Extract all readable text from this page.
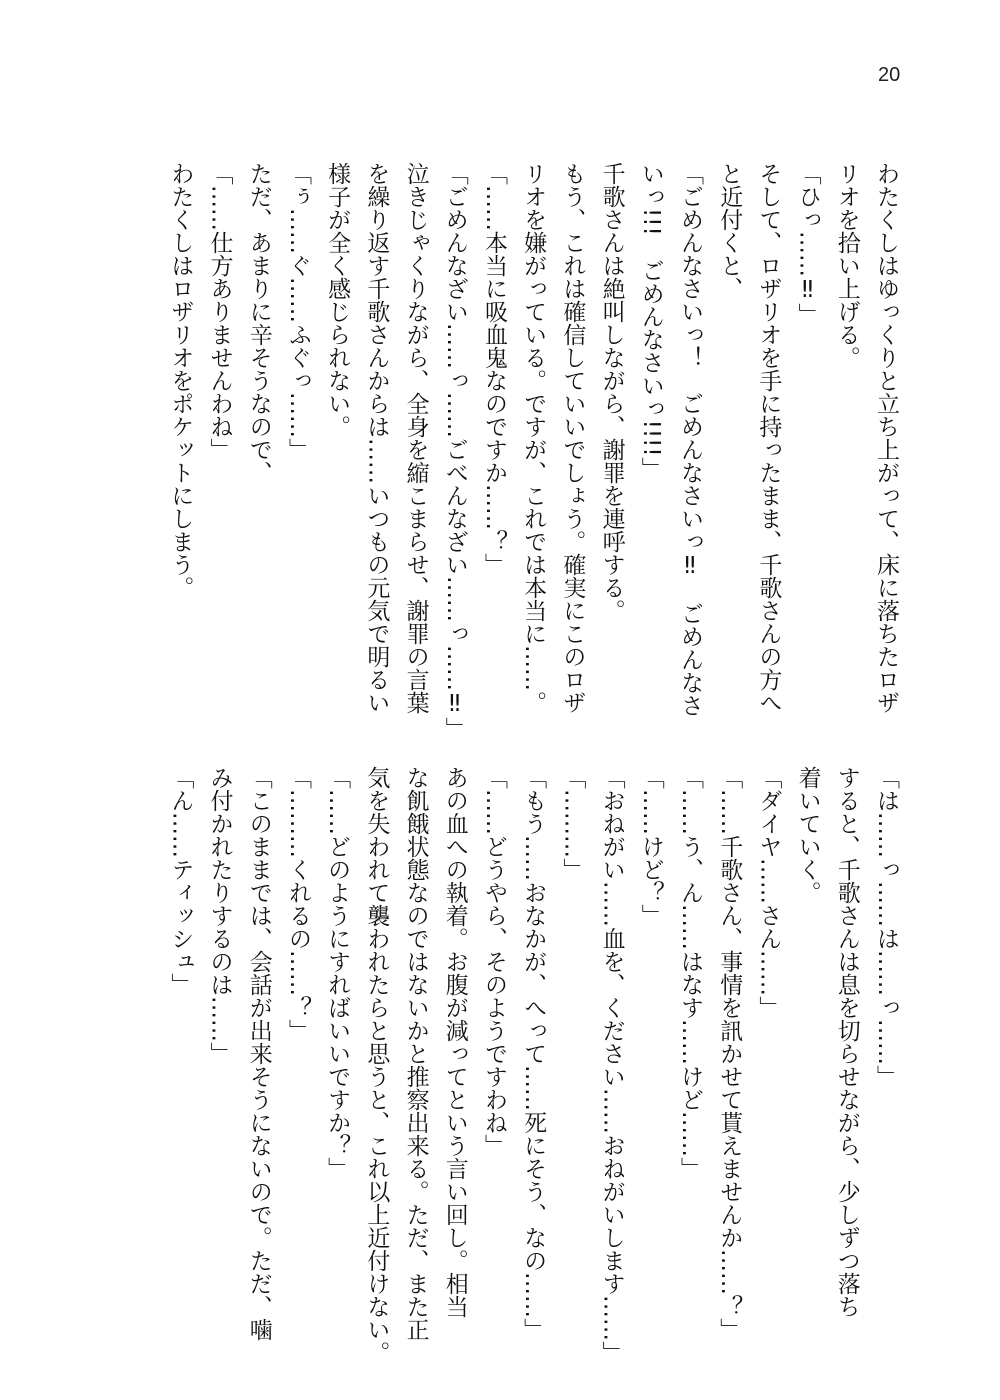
20
わたくしはゆっくりと立ち上がって、床に落ちたロザ
リオを拾い上げる。
「ひっ……‼」
そして、ロザリオを手に持ったまま、千歌さんの方へ
と近付くと、
「ごめんなさいっ！　ごめんなさいっ‼　ごめんなさ
いっ!!!　ごめんなさいっ!!!!」
千歌さんは絶叫しながら、謝罪を連呼する。
もう、これは確信していいでしょう。確実にこのロザ
リオを嫌がっている。ですが、これでは本当に……。
「……本当に吸血鬼なのですか……？」
「ごめんなざい……っ……ごべんなざい……っ……‼」
泣きじゃくりながら、全身を縮こまらせ、謝罪の言葉
を繰り返す千歌さんからは……いつもの元気で明るい
様子が全く感じられない。
「ぅ……ぐ……ふぐっ……」
ただ、あまりに辛そうなので、
「……仕方ありませんわね」
わたくしはロザリオをポケットにしまう。
「は……っ……は……っ……」
すると、千歌さんは息を切らせながら、少しずつ落ち
着いていく。
「ダイヤ……さん……」
「……千歌さん、事情を訊かせて貰えませんか……？」
「……う、ん……はなす……けど……」
「……けど？」
「おねがい……血を、ください……おねがいします……」
「………」
「もう……おなかが、へって……死にそう、なの……」
「……どうやら、そのようですわね」
あの血への執着。お腹が減ってという言い回し。相当
な飢餓状態なのではないかと推察出来る。ただ、また正
気を失われて襲われたらと思うと、これ以上近付けない。
「……どのようにすればいいですか？」
「………くれるの……？」
「このままでは、会話が出来そうにないので。ただ、噛
み付かれたりするのは……」
「ん……ティッシュ」
